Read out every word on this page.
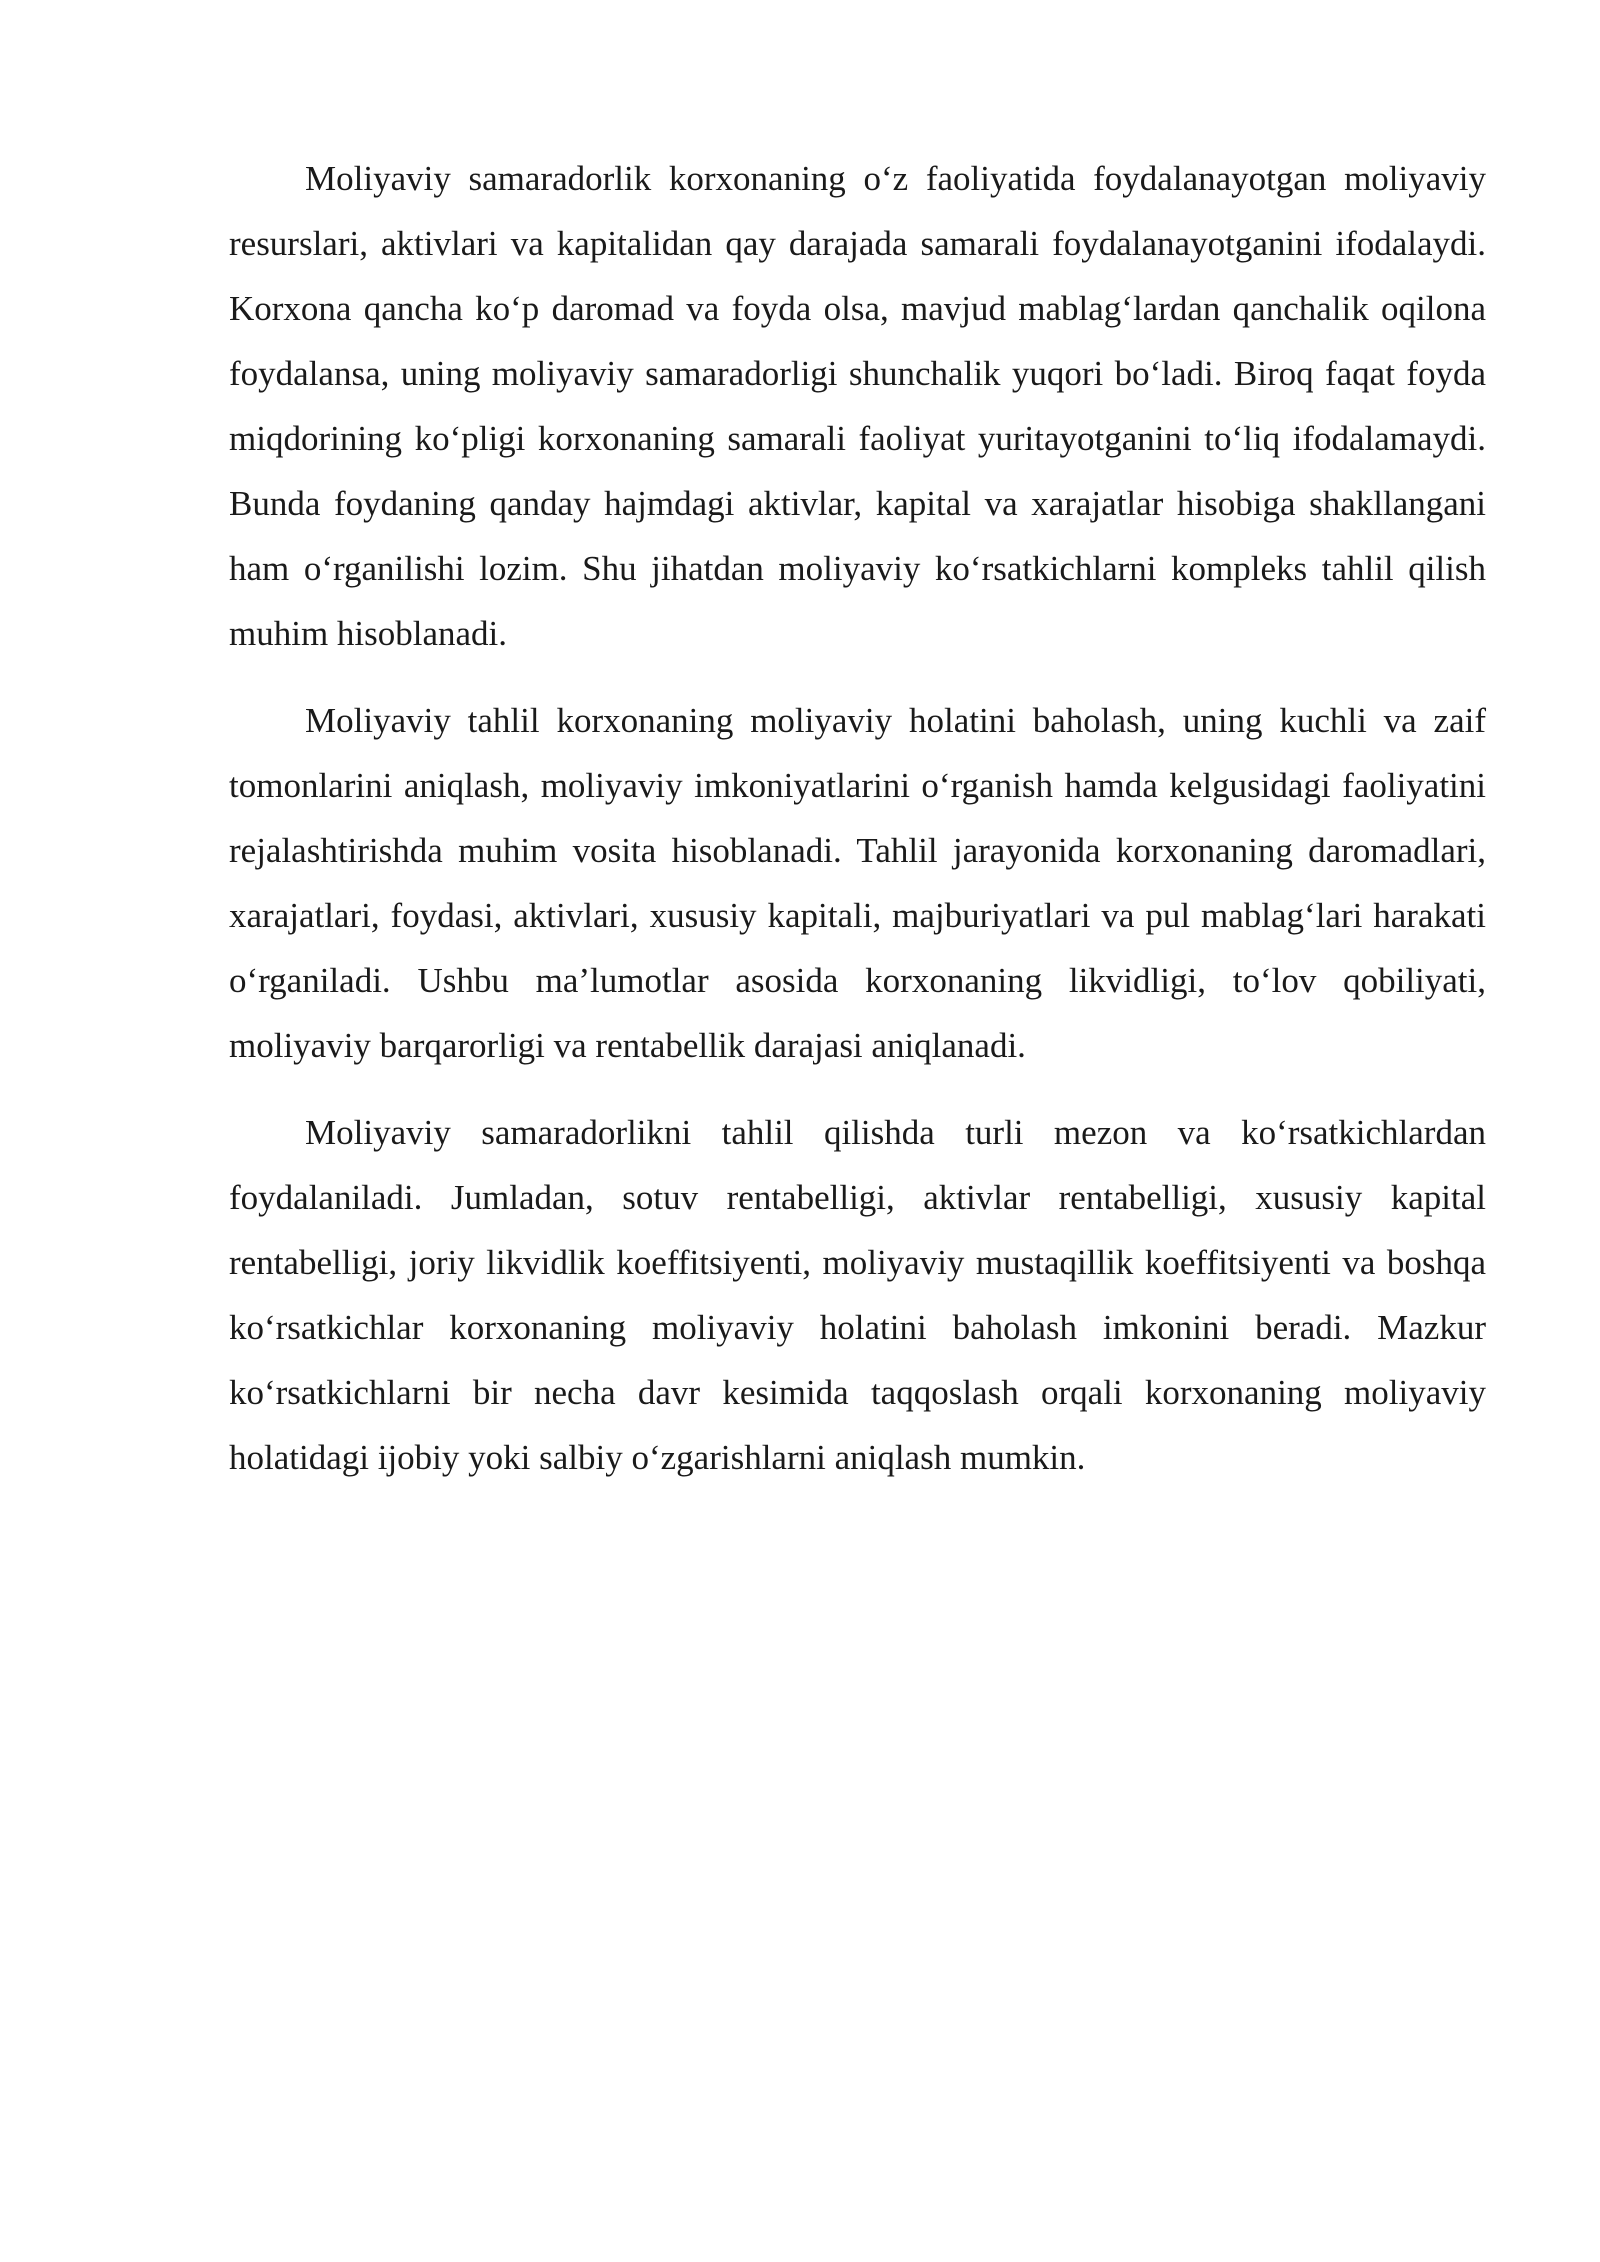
Moliyaviy samaradorlik korxonaning o‘z faoliyatida foydalanayotgan moliyaviy resurslari, aktivlari va kapitalidan qay darajada samarali foydalanayotganini ifodalaydi. Korxona qancha ko‘p daromad va foyda olsa, mavjud mablag‘lardan qanchalik oqilona foydalansa, uning moliyaviy samaradorligi shunchalik yuqori bo‘ladi. Biroq faqat foyda miqdorining ko‘pligi korxonaning samarali faoliyat yuritayotganini to‘liq ifodalamaydi. Bunda foydaning qanday hajmdagi aktivlar, kapital va xarajatlar hisobiga shakllangani ham o‘rganilishi lozim. Shu jihatdan moliyaviy ko‘rsatkichlarni kompleks tahlil qilish muhim hisoblanadi.

Moliyaviy tahlil korxonaning moliyaviy holatini baholash, uning kuchli va zaif tomonlarini aniqlash, moliyaviy imkoniyatlarini o‘rganish hamda kelgusidagi faoliyatini rejalashtirishda muhim vosita hisoblanadi. Tahlil jarayonida korxonaning daromadlari, xarajatlari, foydasi, aktivlari, xususiy kapitali, majburiyatlari va pul mablag‘lari harakati o‘rganiladi. Ushbu ma’lumotlar asosida korxonaning likvidligi, to‘lov qobiliyati, moliyaviy barqarorligi va rentabellik darajasi aniqlanadi.

Moliyaviy samaradorlikni tahlil qilishda turli mezon va ko‘rsatkichlardan foydalaniladi. Jumladan, sotuv rentabelligi, aktivlar rentabelligi, xususiy kapital rentabelligi, joriy likvidlik koeffitsiyenti, moliyaviy mustaqillik koeffitsiyenti va boshqa ko‘rsatkichlar korxonaning moliyaviy holatini baholash imkonini beradi. Mazkur ko‘rsatkichlarni bir necha davr kesimida taqqoslash orqali korxonaning moliyaviy holatidagi ijobiy yoki salbiy o‘zgarishlarni aniqlash mumkin.
